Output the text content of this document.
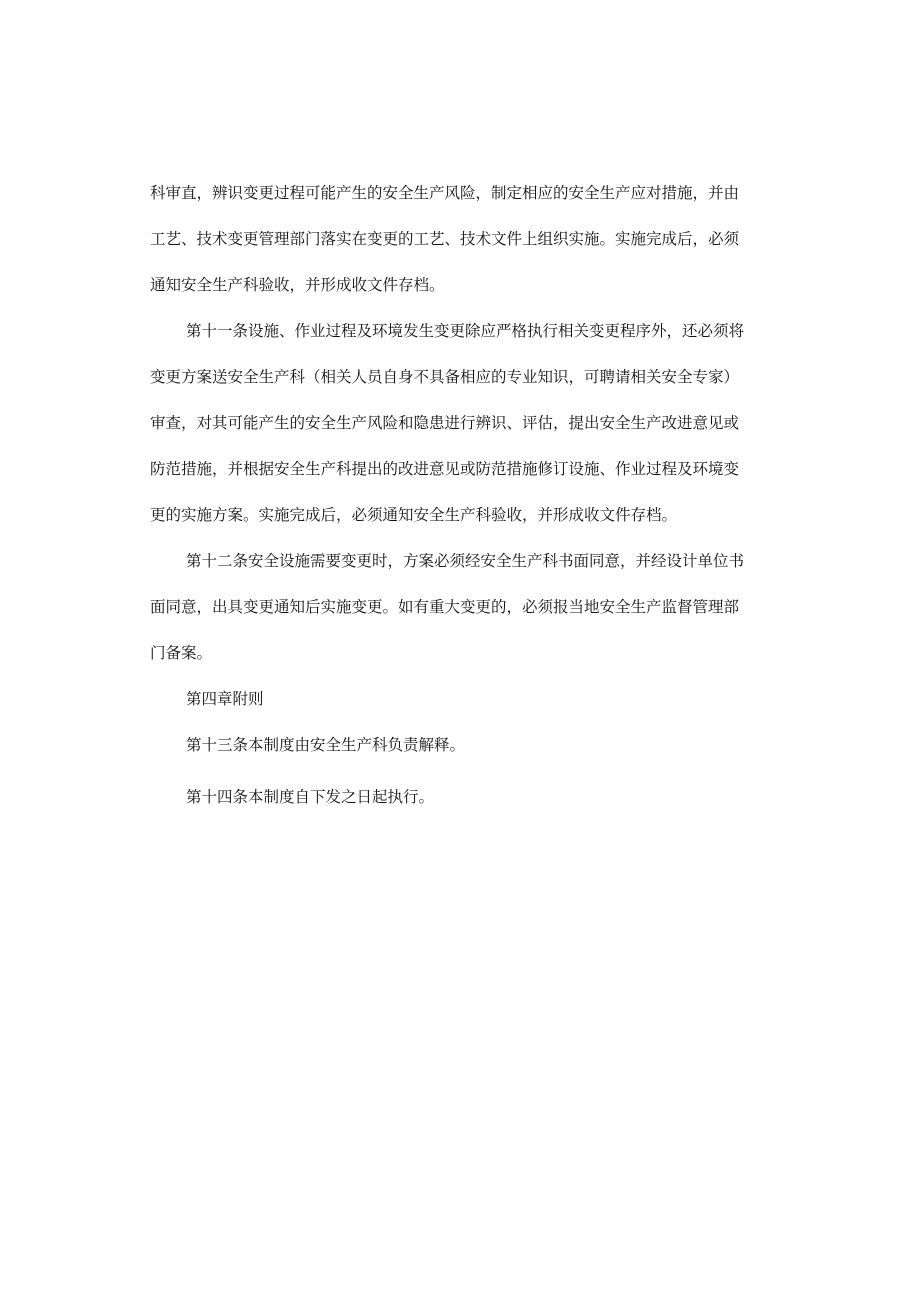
科审直，辨识变更过程可能产生的安全生产风险，制定相应的安全生产应对措施，并由
工艺、技术变更管理部门落实在变更的工艺、技术文件上组织实施。实施完成后，必须
通知安全生产科验收，并形成收文件存档。
第十一条设施、作业过程及环境发生变更除应严格执行相关变更程序外，还必须将
变更方案送安全生产科（相关人员自身不具备相应的专业知识，可聘请相关安全专家）
审查，对其可能产生的安全生产风险和隐患进行辨识、评估，提出安全生产改进意见或
防范措施，并根据安全生产科提出的改进意见或防范措施修订设施、作业过程及环境变
更的实施方案。实施完成后，必须通知安全生产科验收，并形成收文件存档。
第十二条安全设施需要变更时，方案必须经安全生产科书面同意，并经设计单位书
面同意，出具变更通知后实施变更。如有重大变更的，必须报当地安全生产监督管理部
门备案。
第四章附则
第十三条本制度由安全生产科负责解释。
第十四条本制度自下发之日起执行。
